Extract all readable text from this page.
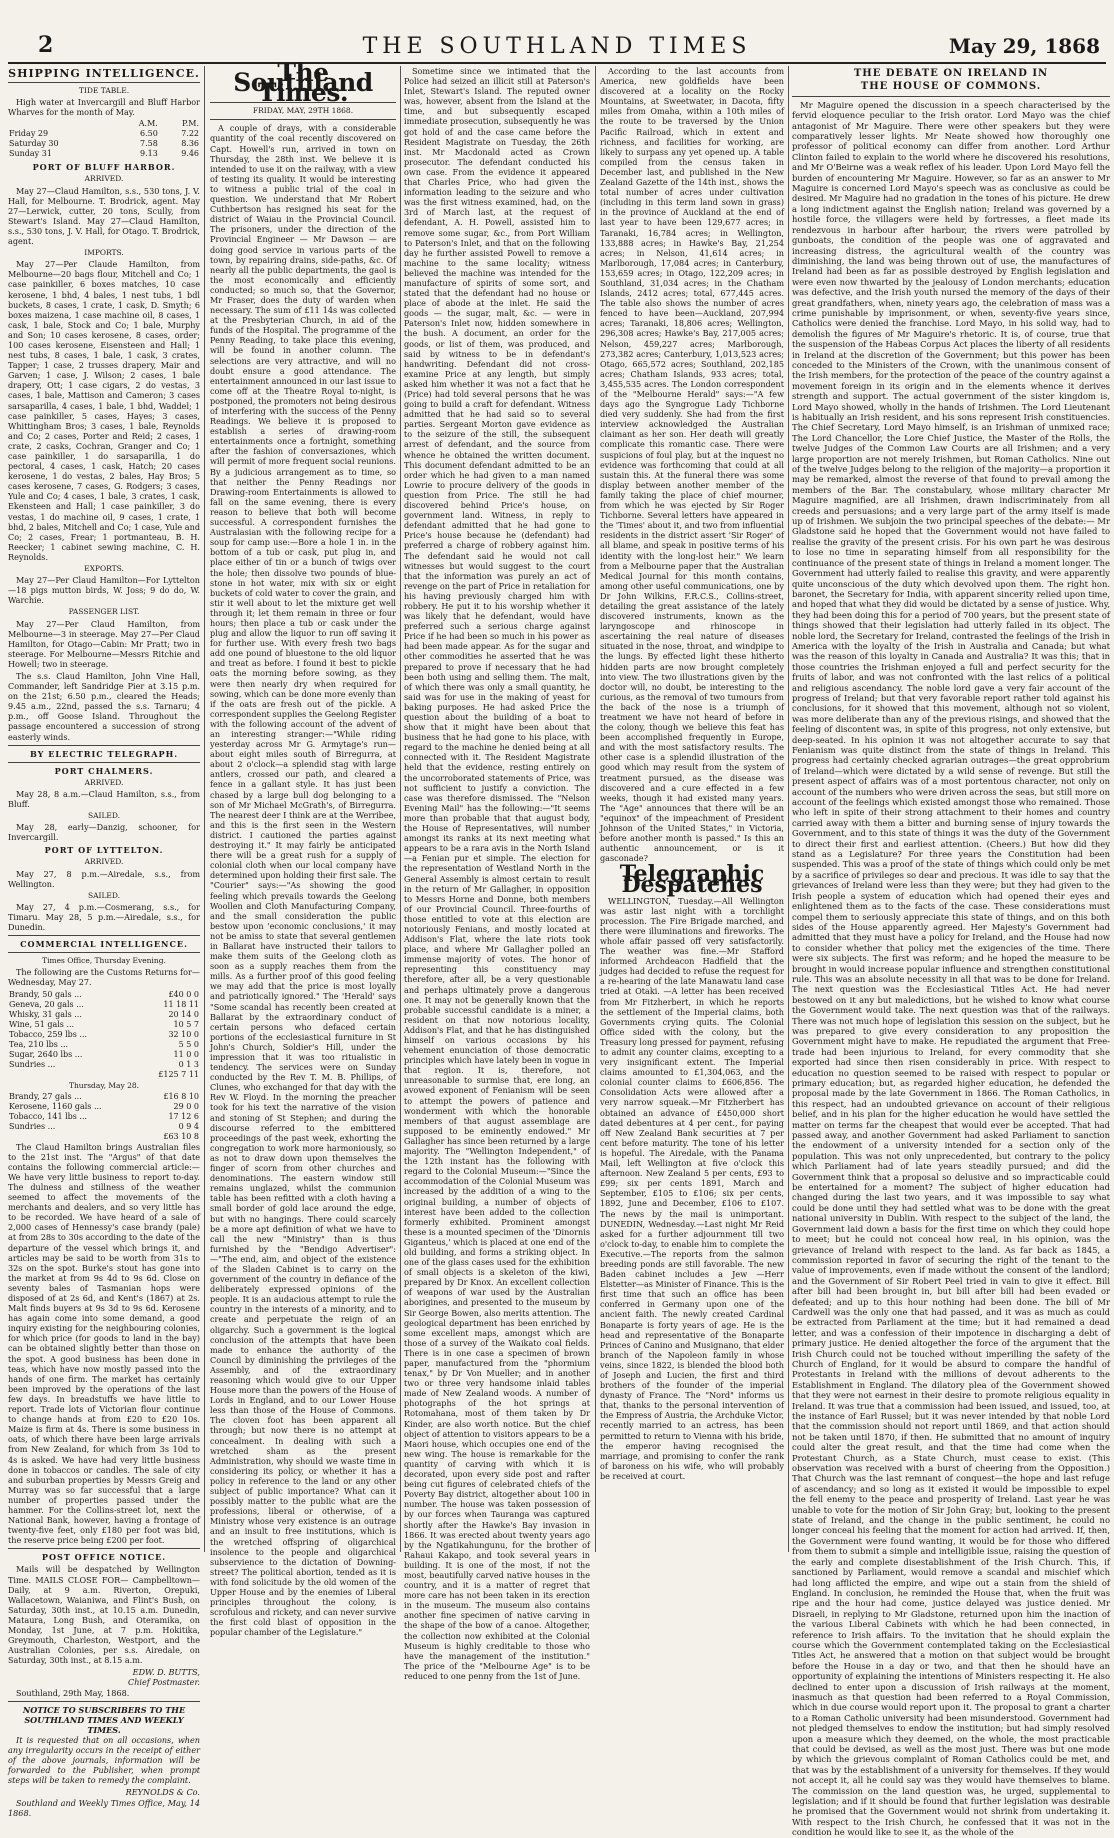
2	THE SOUTHLAND TIMES	May 29, 1868
SHIPPING INTELLIGENCE.
TIDE TABLE.

High water at Invercargill and Bluff Harbor Wharves for the month of May.

	A.M.	P.M.
Friday 29	6.50	7.22
Saturday 30	7.58	8.36
Sunday 31	9.13	9.46
PORT OF BLUFF HARBOR.
ARRIVED.

May 27—Claud Hamilton, s.s., 530 tons, J. V. Hall, for Melbourne. T. Brodrick, agent. May 27—Lerwick, cutter, 20 tons, Scully, from Stewart's Island. May 27—Claud Hamilton, s.s., 530 tons, J. V. Hall, for Otago. T. Brodrick, agent.

IMPORTS.

May 27—Per Claude Hamilton, from Melbourne—20 bags flour, Mitchell and Co; 1 case painkiller, 6 boxes matches, 10 case kerosene, 1 bhd, 4 bales, 1 nest tubs, 1 bdl buckets, 8 cases, 1 crate, 1 cask, D. Smyth; 6 boxes maizena, 1 case machine oil, 8 cases, 1 cask, 1 bale, Stock and Co; 1 bale, Murphy and Son; 10 cases kerosene, 8 cases, order; 100 cases kerosene, Eisensteen and Hall; 1 nest tubs, 8 cases, 1 bale, 1 cask, 3 crates, Tapper; 1 case, 2 trusses drapery, Mair and Garven; 1 case, J. Wilson; 2 cases, 1 bale drapery, Ott; 1 case cigars, 2 do vestas, 3 cases, 1 bale, Mattison and Cameron; 3 cases sarsaparilla, 4 cases, 1 bale, 1 bhd, Waddel; 1 case painkiller, 5 cases, Hayes; 3 cases, Whittingham Bros; 3 cases, 1 bale, Reynolds and Co; 2 cases, Porter and Reid; 2 cases, 1 crate, 2 casks, Cochran, Granger and Co; 1 case painkiller, 1 do sarsaparilla, 1 do pectoral, 4 cases, 1 cask, Hatch; 20 cases kerosene, 1 do vestas, 2 bales, Hay Bros; 5 cases kerosene, 7 cases, G. Rodgers; 3 cases, Yule and Co; 4 cases, 1 bale, 3 crates, 1 cask, Ekensteen and Hall; 1 case painkiller, 3 do vestas, 1 do machine oil, 9 cases, 1 crate, 1 bhd, 2 bales, Mitchell and Co; 1 case, Yule and Co; 2 cases, Frear; 1 portmanteau, B. H. Reecker; 1 cabinet sewing machine, C. H. Reynolds.

EXPORTS.

May 27—Per Claud Hamilton—For Lyttelton—18 pigs mutton birds, W. Joss; 9 do do, W. Warchie.

PASSENGER LIST.

May 27—Per Claud Hamilton, from Melbourne—3 in steerage. May 27—Per Claud Hamilton, for Otago—Cabin: Mr Pratt; two in steerage. For Melbourne—Messrs Ritchie and Howell; two in steerage.

The s.s. Claud Hamilton, John Vine Hall, Commander, left Sandridge Pier at 3.15 p.m. on the 21st; 6.50 p.m., cleared the Heads; 9.45 a.m., 22nd, passed the s.s. Tarnaru; 4 p.m., off Goose Island. Throughout the passage encountered a succession of strong easterly winds.

BY ELECTRIC TELEGRAPH.
PORT CHALMERS.
ARRIVED.

May 28, 8 a.m.—Claud Hamilton, s.s., from Bluff.

SAILED.

May 28, early—Danzig, schooner, for Invercargill.

PORT OF LYTTELTON.
ARRIVED.

May 27, 8 p.m.—Airedale, s.s., from Wellington.

SAILED.

May 27, 4 p.m.—Cosmerang, s.s., for Timaru. May 28, 5 p.m.—Airedale, s.s., for Dunedin.

COMMERCIAL INTELLIGENCE.
Times Office, Thursday Evening.

The following are the Customs Returns for—Wednesday, May 27.

Brandy, 50 gals ...	£40 0 0
Geneva, 20 gals ...	11 18 11
Whisky, 31 gals ...	20 14 0
Wine, 51 gals ...	10 5 7
Tobacco, 259 lbs ...	32 10 0
Tea, 210 lbs ...	5 5 0
Sugar, 2640 lbs ...	11 0 0
Sundries ...	0 1 3
	£125 7 11
Thursday, May 28.
Brandy, 27 gals ...	£16 8 10
Kerosene, 1160 gals ...	29 0 0
Tobacco, 141 lbs ...	17 12 6
Sundries ...	0 9 4
	£63 10 8

The Claud Hamilton brings Australian files to the 21st inst. The "Argus" of that date contains the following commercial article:—We have very little business to report to-day. The dulness and stillness of the weather seemed to affect the movements of the merchants and dealers, and so very little has to be recorded. We have heard of a sale of 2,000 cases of Hennessy's case brandy (pale) at from 28s to 30s according to the date of the departure of the vessel which brings it, and articles may be said to be worth from 31s to 32s on the spot. Burke's stout has gone into the market at from 9s 4d to 9s 6d. Close on seventy bales of Tasmanian hops were disposed of at 2s 6d, and Kent's (1867) at 2s. Malt finds buyers at 9s 3d to 9s 6d. Kerosene has again come into some demand, a good inquiry existing for the neighbouring colonies, for which price (for goods to land in the bay) can be obtained slightly better than those on the spot. A good business has been done in teas, which have now mostly passed into the hands of one firm. The market has certainly been improved by the operations of the last few days. In breadstuffs we have little to report. Trade lots of Victorian flour continue to change hands at from £20 to £20 10s. Maize is firm at 4s. There is some business in oats, of which there have been large arrivals from New Zealand, for which from 3s 10d to 4s is asked. We have had very little business done in tobaccos or candles. The sale of city and suburban properties by Messrs Greig and Murray was so far successful that a large number of properties passed under the hammer. For the Collins-street lot, next the National Bank, however, having a frontage of twenty-five feet, only £180 per foot was bid, the reserve price being £200 per foot.

POST OFFICE NOTICE.

Mails will be despatched by Wellington Time. MAILS CLOSE FOR— Campbelltown—Daily, at 9 a.m. Riverton, Orepuki, Wallacetown, Waianiwa, and Flint's Bush, on Saturday, 30th inst., at 10.15 a.m. Dunedin, Mataura, Long Bush, and Oteramika, on Monday, 1st June, at 7 p.m. Hokitika, Greymouth, Charleston, Westport, and the Australian Colonies, per s.s. Airedale, on Saturday, 30th inst., at 8.15 a.m.

EDW. D. BUTTS,
Chief Postmaster.

Southland, 29th May, 1868.

NOTICE TO SUBSCRIBERS TO THE SOUTHLAND TIMES AND WEEKLY TIMES.

It is requested that on all occasions, when any irregularity occurs in the receipt of either of the above journals, information will be forwarded to the Publisher, when prompt steps will be taken to remedy the complaint.

REYNOLDS & Co.

Southland and Weekly Times Office, May, 14 1868.

The Southland Times.
FRIDAY, MAY, 29TH 1868.

A couple of drays, with a considerable quantity of the coal recently discovered on Capt. Howell's run, arrived in town on Thursday, the 28th inst. We believe it is intended to use it on the railway, with a view of testing its quality. It would be interesting to witness a public trial of the coal in question. We understand that Mr Robert Cuthbertson has resigned his seat for the district of Waiau in the Provincial Council. The prisoners, under the direction of the Provincial Engineer — Mr Dawson — are doing good service in various parts of the town, by repairing drains, side-paths, &c. Of nearly all the public departments, the gaol is the most economically and efficiently conducted; so much so, that the Governor, Mr Fraser, does the duty of warden when necessary. The sum of £11 14s was collected at the Presbyterian Church, in aid of the funds of the Hospital. The programme of the Penny Reading, to take place this evening, will be found in another column. The selections are very attractive, and will no doubt ensure a good attendance. The entertainment announced in our last issue to come off at the Theatre Royal to-night, is postponed, the promoters not being desirous of interfering with the success of the Penny Readings. We believe it is proposed to establish a series of drawing-room entertainments once a fortnight, something after the fashion of conversaziones, which will permit of more frequent social reunions. By a judicious arrangement as to time, so that neither the Penny Readings nor Drawing-room Entertainments is allowed to fall on the same evening, there is every reason to believe that both will become successful. A correspondent furnishes the Australasian with the following recipe for a soup for camp use:—Bore a hole 1 in. in the bottom of a tub or cask, put plug in, and place either of tin or a bunch of twigs over the hole; then dissolve two pounds of blue-stone in hot water, mix with six or eight buckets of cold water to cover the grain, and stir it well about to let the mixture get well through it; let them remain in three or four hours; then place a tub or cask under the plug and allow the liquor to run off saving it for further use. With every fresh two bags add one pound of bluestone to the old liquor and treat as before. I found it best to pickle oats the morning before sowing, as they were then nearly dry when required for sowing, which can be done more evenly than if the oats are fresh out of the pickle. A correspondent supplies the Geelong Register with the following account of the advent of an interesting stranger:—"While riding yesterday across Mr G. Armytage's run—about eight miles south of Birregurra, at about 2 o'clock—a splendid stag with large antlers, crossed our path, and cleared a fence in a gallant style. It has just been chased by a large bull dog belonging to a son of Mr Michael McGrath's, of Birregurra. The nearest deer I think are at the Werribee, and this is the first seen in the Western district. I cautioned the parties against destroying it." It may fairly be anticipated there will be a great rush for a supply of colonial cloth when our local company have determined upon holding their first sale. The "Courier" says:—"As showing the good feeling which prevails towards the Geelong Woollen and Cloth Manufacturing Company, and the small consideration the public bestow upon 'economic conclusions,' it may not be amiss to state that several gentlemen in Ballarat have instructed their tailors to make them suits of the Geelong cloth as soon as a supply reaches them from the mills. As a further proof of this good feeling we may add that the price is most loyally and patriotically ignored." The 'Herald' says "Some scandal has recently been created at Ballarat by the extraordinary conduct of certain persons who defaced certain portions of the ecclesiastical furniture in St John's Church, Soldier's Hill, under the impression that it was too ritualistic in tendency. The services were on Sunday conducted by the Rev T. M. B. Phillips, of Clunes, who exchanged for that day with the Rev W. Floyd. In the morning the preacher took for his text the narrative of the vision and stoning of St Stephen; and during the discourse referred to the embittered proceedings of the past week, exhorting the congregation to work more harmoniously, so as not to draw down upon themselves the finger of scorn from other churches and denominations. The eastern window still remains unglazed, whilst the communion table has been refitted with a cloth having a small border of gold lace around the edge, but with no hangings. There could scarcely be a more apt definition of what we have to call the new "Ministry" than is thus furnished by the "Bendigo Advertiser":—"The end, aim, and object of the existence of the Sladen Cabinet is to carry on the government of the country in defiance of the deliberately expressed opinions of the people. It is an audacious attempt to rule the country in the interests of a minority, and to create and perpetuate the reign of an oligarchy. Such a government is the logical conclusion of the attempts that have been made to enhance the authority of the Council by diminishing the privileges of the Assembly, and of the extraordinary reasoning which would give to our Upper House more than the powers of the House of Lords in England, and to our Lower House less than those of the House of Commons. The cloven foot has been apparent all through; but now there is no attempt at concealment. In dealing with such a wretched sham as the present Administration, why should we waste time in considering its policy, or whether it has a policy in reference to the land or any other subject of public importance? What can it possibly matter to the public what are the professions, liberal or otherwise, of a Ministry whose very existence is an outrage and an insult to free institutions, which is the wretched offspring of oligarchical insolence to the people and oligarchical subservience to the dictation of Downing-street? The political abortion, tended as it is with fond solicitude by the old women of the Upper House and by the enemies of Liberal principles throughout the colony, is scrofulous and rickety, and can never survive the first cold blast of opposition in the popular chamber of the Legislature."

Sometime since we intimated that the Police had seized an illicit still at Paterson's Inlet, Stewart's Island. The reputed owner was, however, absent from the Island at the time, and but subsequently escaped immediate prosecution, subsequently he was got hold of and the case came before the Resident Magistrate on Tuesday, the 26th inst. Mr Macdonald acted as Crown prosecutor. The defendant conducted his own case. From the evidence it appeared that Charles Price, who had given the information leading to the seizure and who was the first witness examined, had, on the 3rd of March last, at the request of defendant, A. H. Powell, assisted him to remove some sugar, &c., from Port William to Paterson's Inlet, and that on the following day he further assisted Powell to remove a machine to the same locality; witness believed the machine was intended for the manufacture of spirits of some sort, and stated that the defendant had no house or place of abode at the inlet. He said the goods — the sugar, malt, &c. — were in Paterson's Inlet now, hidden somewhere in the bush. A document, an order for the goods, or list of them, was produced, and said by witness to be in defendant's handwriting. Defendant did not cross-examine Price at any length, but simply asked him whether it was not a fact that he (Price) had told several persons that he was going to build a craft for defendant. Witness admitted that he had said so to several parties. Sergeant Morton gave evidence as to the seizure of the still, the subsequent arrest of defendant, and the source from whence he obtained the written document. This document defendant admitted to be an order which he had given to a man named Lowrie to procure delivery of the goods in question from Price. The still he had discovered behind Price's house, on government land. Witness, in reply to defendant admitted that he had gone to Price's house because he (defendant) had preferred a charge of robbery against him. The defendant said he would not call witnesses but would suggest to the court that the information was purely an act of revenge on the part of Price in retaliation for his having previously charged him with robbery. He put it to his worship whether it was likely that he defendant, would have preferred such a serious charge against Price if he had been so much in his power as had been made appear. As for the sugar and other commodities he asserted that he was prepared to prove if necessary that he had been both using and selling them. The malt, of which there was only a small quantity, he said was for use in the making of yeast for baking purposes. He had asked Price the question about the building of a boat to show that it might have been about that business that he had gone to his place, with regard to the machine he denied being at all connected with it. The Resident Magistrate held that the evidence, resting entirely on the uncorroborated statements of Price, was not sufficient to justify a conviction. The case was therefore dismissed. The "Nelson Evening Mail" has the following:—"It seems more than probable that that august body, the House of Representatives, will number amongst its ranks at its next meeting what appears to be a rara avis in the North Island—a Fenian pur et simple. The election for the representation of Westland North in the General Assembly is almost certain to result in the return of Mr Gallagher, in opposition to Messrs Horne and Donne, both members of our Provincial Council. Three-fourths of those entitled to vote at this election are notoriously Fenians, and mostly located at Addison's Flat, where the late riots took place, and where Mr Gallagher polled an immense majority of votes. The honor of representing this constituency may therefore, after all, be a very questionable and perhaps ultimately prove a dangerous one. It may not be generally known that the probable successful candidate is a miner, a resident on that now notorious locality, Addison's Flat, and that he has distinguished himself on various occasions by his vehement enunciation of those democratic principles which have lately been in vogue in that region. It is, therefore, not unreasonable to surmise that, ere long, an avowed exponent of Fenianism will be seen to attempt the powers of patience and wonderment with which the honorable members of that august assemblage are supposed to be eminently endowed." Mr Gallagher has since been returned by a large majority. The "Wellington Independent," of the 12th instant has the following with regard to the Colonial Museum:—"Since the accommodation of the Colonial Museum was increased by the addition of a wing to the original building, a number of objects of interest have been added to the collection formerly exhibited. Prominent amongst these is a mounted specimen of the 'Dinornis Giganteus,' which is placed at one end of the old building, and forms a striking object. In one of the glass cases used for the exhibition of small objects is a skeleton of the kiwi, prepared by Dr Knox. An excellent collection of weapons of war used by the Australian aborigines, and presented to the museum by Sir George Bowen, also merits attention. The geological department has been enriched by some excellent maps, amongst which are those of a survey of the Waikato coal fields. There is in one case a specimen of brown paper, manufactured from the "phormium tenax," by Dr Von Mueller; and in another two or three very handsome inlaid tables made of New Zealand woods. A number of photographs of the hot springs at Rotomahana, most of them taken by Dr Kinder, are also worth notice. But the chief object of attention to visitors appears to be a Maori house, which occupies one end of the new wing. The house is remarkable for the quantity of carving with which it is decorated, upon every side post and rafter being cut figures of celebrated chiefs of the Poverty Bay district, altogether about 100 in number. The house was taken possession of by our forces when Tauranga was captured shortly after the Hawke's Bay invasion in 1866. It was erected about twenty years ago by the Ngatikahungunu, for the brother of Rahaui Kakapo, and took several years in building. It is one of the most, if not the most, beautifully carved native houses in the country, and it is a matter of regret that more care has not been taken in its erection in the museum. The museum also contains another fine specimen of native carving in the shape of the bow of a canoe. Altogether, the collection now exhibited at the Colonial Museum is highly creditable to those who have the management of the institution." The price of the "Melbourne Age" is to be reduced to one penny from the 1st of June.

According to the last accounts from America, new goldfields have been discovered at a locality on the Rocky Mountains, at Sweetwater, in Dacota, fifty miles from Omaha, within a 10th miles of the route to be traversed by the Union Pacific Railroad, which in extent and richness, and facilities for working, are likely to surpass any yet opened up. A table compiled from the census taken in December last, and published in the New Zealand Gazette of the 14th inst., shows the total number of acres under cultivation (including in this term land sown in grass) in the province of Auckland at the end of last year to have been 129,677 acres; in Taranaki, 16,784 acres; in Wellington, 133,888 acres; in Hawke's Bay, 21,254 acres; in Nelson, 41,614 acres; in Marlborough, 17,084 acres; in Canterbury, 153,659 acres; in Otago, 122,209 acres; in Southland, 31,034 acres; in the Chatham Islands, 2412 acres; total, 677,445 acres. The table also shows the number of acres fenced to have been—Auckland, 207,994 acres; Taranaki, 18,806 acres; Wellington, 296,308 acres; Hawke's Bay, 217,005 acres; Nelson, 459,227 acres; Marlborough, 273,382 acres; Canterbury, 1,013,523 acres; Otago, 665,572 acres; Southland, 202,185 acres; Chatham Islands, 933 acres; total, 3,455,535 acres. The London correspondent of the "Melbourne Herald" says:—"A few days ago the Syngrogue Lady Tichborne died very suddenly. She had from the first interview acknowledged the Australian claimant as her son. Her death will greatly complicate this romantic case. There were suspicions of foul play, but at the inquest no evidence was forthcoming that could at all sustain this. At the funeral there was some display between another member of the family taking the place of chief mourner, from which he was ejected by Sir Roger Tichborne. Several letters have appeared in the 'Times' about it, and two from influential residents in the district assert 'Sir Roger' of all blame, and speak in positive terms of his identity with the long-lost heir." We learn from a Melbourne paper that the Australian Medical Journal for this month contains, among other useful communications, one by Dr John Wilkins, F.R.C.S., Collins-street, detailing the great assistance of the lately discovered instruments, known as the laryngoscope and rhinoscope in ascertaining the real nature of diseases situated in the nose, throat, and windpipe to the lungs. By effected light these hitherto hidden parts are now brought completely into view. The two illustrations given by the doctor will, no doubt, be interesting to the curious, as the removal of two tumours from the back of the nose is a triumph of treatment we have not heard of before in the colony, though we believe this feat has been accomplished frequently in Europe, and with the most satisfactory results. The other case is a splendid illustration of the good which may result from the system of treatment pursued, as the disease was discovered and a cure effected in a few weeks, though it had existed many years. The "Age" announces that there will be an "equinox" of the impeachment of President Johnson of the United States," in Victoria, before another month is passed." Is this an authentic announcement, or is it gasconade?

Telegraphic Despatches

WELLINGTON, Tuesday.—All Wellington was astir last night with a torchlight procession. The Fire Brigade marched, and there were illuminations and fireworks. The whole affair passed off very satisfactorily. The weather was fine.—Mr Stafford informed Archdeacon Hadfield that the judges had decided to refuse the request for a re-hearing of the late Manawatu land case tried at Otaki. —A letter has been received from Mr Fitzherbert, in which he reports the settlement of the Imperial claims, both Governments crying quits. The Colonial Office sided with the colony, but the Treasury long pressed for payment, refusing to admit any counter claims, excepting to a very insignificant extent. The Imperial claims amounted to £1,304,063, and the colonial counter claims to £606,856. The Consolidation Acts were allowed after a very narrow squeak.—Mr Fitzherbert has obtained an advance of £450,000 short dated debentures at 4 per cent., for paying off New Zealand Bank securities at 7 per cent before maturity. The tone of his letter is hopeful. The Airedale, with the Panama Mail, left Wellington at five o'clock this afternoon. New Zealand 5 per cents, £93 to £99; six per cents 1891, March and September, £105 to £106; six per cents, 1892, June and December, £106 to £107. The news by the mail is unimportant. DUNEDIN, Wednesday.—Last night Mr Reid asked for a further adjournment till two o'clock to-day, to enable him to complete the Executive.—The reports from the salmon breeding ponds are still favorable. The new Baden cabinet includes a Jew —Herr Elstetter—as Minister of Finance. This is the first time that such an office has been conferred in Germany upon one of the ancient faith. The newly created Cardinal Bonaparte is forty years of age. He is the head and representative of the Bonaparte Princes of Canino and Musignano, that elder branch of the Napoleon family in whose veins, since 1822, is blended the blood both of Joseph and Lucien, the first and third brothers of the founder of the imperial dynasty of France. The "Nord" informs us that, thanks to the personal intervention of the Empress of Austria, the Archduke Victor, recently married to an actress, has been permitted to return to Vienna with his bride, the emperor having recognised the marriage, and promising to confer the rank of baroness on his wife, who will probably be received at court.

THE DEBATE ON IRELAND IN
THE HOUSE OF COMMONS.

Mr Maguire opened the discussion in a speech characterised by the fervid eloquence peculiar to the Irish orator. Lord Mayo was the chief antagonist of Mr Maguire. There were other speakers but they were comparatively lesser lights. Mr Neate showed how thoroughly one professor of political economy can differ from another. Lord Arthur Clinton failed to explain to the world where he discovered his resolutions, and Mr O'Beirne was a weak reflex of his leader. Upon Lord Mayo fell the burden of encountering Mr Maguire. However, so far as an answer to Mr Maguire is concerned Lord Mayo's speech was as conclusive as could be desired. Mr Maguire had no gradation in the tones of his picture. He drew a long indictment against the English nation; Ireland was governed by a hostile force, the villagers were held by fortresses, a fleet made its rendezvous in harbour after harbour, the rivers were patrolled by gunboats, the condition of the people was one of aggravated and increasing distress, the agricultural wealth of the country was diminishing, the land was being thrown out of use, the manufactures of Ireland had been as far as possible destroyed by English legislation and were even now thwarted by the jealousy of London merchants; education was defective, and the Irish youth nursed the memory of the days of their great grandfathers, when, ninety years ago, the celebration of mass was a crime punishable by imprisonment, or when, seventy-five years since, Catholics were denied the franchise. Lord Mayo, in his solid way, had to demolish the figures of Mr Maguire's rhetoric. It is, of course, true that the suspension of the Habeas Corpus Act places the liberty of all residents in Ireland at the discretion of the Government; but this power has been conceded to the Ministers of the Crown, with the unanimous consent of the Irish members, for the protection of the peace of the country against a movement foreign in its origin and in the elements whence it derives strength and support. The actual government of the sister kingdom is, Lord Mayo showed, wholly in the hands of Irishmen. The Lord Lieutenant is habitually an Irish resident, and his sons represent Irish constituencies. The Chief Secretary, Lord Mayo himself, is an Irishman of unmixed race; The Lord Chancellor, the Lore Chief Justice, the Master of the Rolls, the twelve Judges of the Common Law Courts are all Irishmen; and a very large proportion are not merely Irishmen, but Roman Catholics. Nine out of the twelve Judges belong to the religion of the majority—a proportion it may be remarked, almost the reverse of that found to prevail among the members of the Bar. The constabulary, whose military character Mr Maguire magnified, are all Irishmen, drawn indiscriminately from all creeds and persuasions; and a very large part of the army itself is made up of Irishmen. We subjoin the two principal speeches of the debate:— Mr Gladstone said he hoped that the Government would not have failed to realise the gravity of the present crisis. For his own part he was desirous to lose no time in separating himself from all responsibility for the continuance of the present state of things in Ireland a moment longer. The Government had utterly failed to realise this gravity, and were apparently quite unconscious of the duty which devolved upon them. The right hon. baronet, the Secretary for India, with apparent sincerity relied upon time, and hoped that what they did would be dictated by a sense of justice. Why, they had been doing this for a period of 700 years, but the present state of things showed that their legislation had utterly failed in its object. The noble lord, the Secretary for Ireland, contrasted the feelings of the Irish in America with the loyalty of the Irish in Australia and Canada; but what was the reason of this loyalty in Canada and Australia? It was this; that in those countries the Irishman enjoyed a full and perfect security for the fruits of labor, and was not confronted with the last relics of a political and religious ascendancy. The noble lord gave a very fair account of the progress of Ireland; but that very favorable report rather told against his conclusions, for it showed that this movement, although not so violent, was more deliberate than any of the previous risings, and showed that the feeling of discontent was, in spite of this progress, not only extensive, but deep-seated. In his opinion it was not altogether accurate to say that Fenianism was quite distinct from the state of things in Ireland. This progress had certainly checked agrarian outrages—the great opprobrium of Ireland—which were dictated by a wild sense of revenge. But still the present aspect of affairs was of a most portentous character, not only on account of the numbers who were driven across the seas, but still more on account of the feelings which existed amongst those who remained. Those who left in spite of their strong attachment to their homes and country carried away with them a bitter and burning sense of injury towards the Government, and to this state of things it was the duty of the Government to direct their first and earliest attention. (Cheers.) But how did they stand as a Legislature? For three years the Constitution had been suspended. This was a proof of the state of things which could only be met by a sacrifice of privileges so dear and precious. It was idle to say that the grievances of Ireland were less than they were; but they had given to the Irish people a system of education which had opened their eyes and enlightened them as to the facts of the case. These considerations must compel them to seriously appreciate this state of things, and on this both sides of the House apparently agreed. Her Majesty's Government had admitted that they must have a policy for Ireland, and the House had now to consider whether that policy met the exigencies of the time. There were six subjects. The first was reform; and he hoped the measure to be brought in would increase popular influence and strengthen constitutional rule. This was an absolute necessity in all that was to be done for Ireland. The next question was the Ecclesiastical Titles Act. He had never bestowed on it any but maledictions, but he wished to know what course the Government would take. The next question was that of the railways. There was not much hope of legislation this session on the subject, but he was prepared to give every consideration to any proposition the Government might have to make. He repudiated the argument that Free-trade had been injurious to Ireland, for every commodity that she exported had since then risen considerably in price. With respect to education no question seemed to be raised with respect to popular or primary education; but, as regarded higher education, he defended the proposal made by the late Government in 1866. The Roman Catholics, in this respect, had an undoubted grievance on account of their religious belief, and in his plan for the higher education he would have settled the matter on terms far the cheapest that would ever be accepted. That had passed away, and another Government had asked Parliament to sanction the endowment of a university intended for a section only of the population. This was not only unprecedented, but contrary to the policy which Parliament had of late years steadily pursued; and did the Government think that a proposal so delusive and so impracticable could be entertained for a moment? The subject of higher education had changed during the last two years, and it was impossible to say what could be done until they had settled what was to be done with the great national university in Dublin. With respect to the subject of the land, the Government laid down a basis for the first time on which they could hope to meet; but he could not conceal how real, in his opinion, was the grievance of Ireland with respect to the land. As far back as 1845, a commission reported in favor of securing the right of the tenant to the value of improvements, even if made without the consent of the landlord; and the Government of Sir Robert Peel tried in vain to give it effect. Bill after bill had been brought in, but bill after bill had been evaded or defeated; and up to this hour nothing had been done. The bill of Mr Cardwell was the only one that had passed, and it was as much as could be extracted from Parliament at the time; but it had remained a dead letter, and was a confession of their impotence in discharging a debt of primary justice. He denied altogether the force of the argument that the Irish Church could not be touched without imperilling the safety of the Church of England, for it would be absurd to compare the handful of Protestants in Ireland with the millions of devout adherents to the Establishment in England. The dilatory plea of the Government showed that they were not earnest in their desire to promote religious equality in Ireland. It was true that a commission had been issued, and issued, too, at the instance of Earl Russel; but it was never intended by that noble Lord that the commission should not report until 1869, and that action should not be taken until 1870, if then. He submitted that no amount of inquiry could alter the great result, and that the time had come when the Protestant Church, as a State Church, must cease to exist. (This observation was received with a burst of cheering from the Opposition.) That Church was the last remnant of conquest—the hope and last refuge of ascendancy; and so long as it existed it would be impossible to expel the fell enemy to the peace and prosperity of Ireland. Last year he was unable to vote for the motion of Sir John Gray; but, looking to the present state of Ireland, and the change in the public sentiment, he could no longer conceal his feeling that the moment for action had arrived. If, then, the Government were found wanting, it would be for those who differed from them to submit a simple and intelligible issue, raising the question of the early and complete disestablishment of the Irish Church. This, if sanctioned by Parliament, would remove a scandal and mischief which had long afflicted the empire, and wipe out a stain from the shield of England. In conclusion, he reminded the House that, when the fruit was ripe and the hour had come, justice delayed was justice denied. Mr Disraeli, in replying to Mr Gladstone, returned upon him the inaction of the various Liberal Cabinets with which he had been connected, in reference to Irish affairs. To the invitation that he should explain the course which the Government contemplated taking on the Ecclesiastical Titles Act, he answered that a motion on that subject would be brought before the House in a day or two, and that then he should have an opportunity of explaining the intentions of Ministers respecting it. He also declined to enter upon a discussion of Irish railways at the moment, inasmuch as that question had been referred to a Royal Commission, which in due course would report upon it. The proposal to grant a charter to a Roman Catholic university had been misunderstood. Government had not pledged themselves to endow the institution; but had simply resolved upon a measure which they deemed, on the whole, the most practicable that could be devised, as well as the most just. There was but one mode by which the grievous complaint of Roman Catholics could be met, and that was by the establishment of a university for themselves. If they would not accept it, all he could say was they would have themselves to blame. The commission on the land question was, he urged, supplemental to legislation; and if it should be found that further legislation was desirable he promised that the Government would not shrink from undertaking it. With respect to the Irish Church, he confessed that it was not in the condition he would like to see it, as the whole of the
